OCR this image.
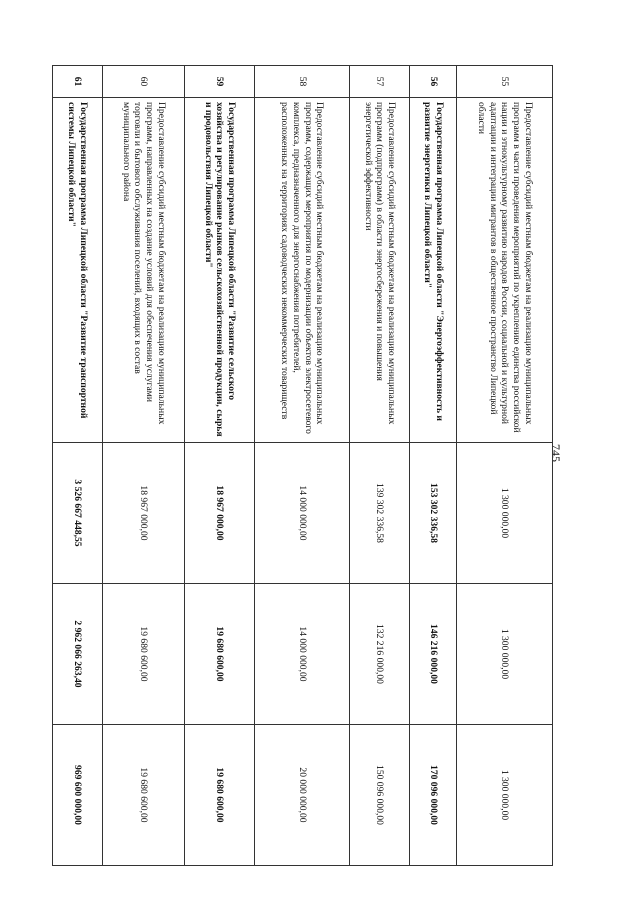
745
55	Предоставление субсидий местным бюджетам на реализацию муниципальных программ в части проведения мероприятий по укреплению единства российской нации и этнокультурному развитию народов России, социальной и культурной адаптации и интеграции мигрантов в общественное пространство Липецкой области	1 300 000,00	1 300 000,00	1 300 000,00
56	Государственная программа Липецкой области "Энергоэффективность и развитие энергетики в Липецкой области"	153 302 336,58	146 216 000,00	170 096 000,00
57	Предоставление субсидий местным бюджетам на реализацию муниципальных программ (подпрограмм) в области энергосбережения и повышения энергетической эффективности	139 302 336,58	132 216 000,00	150 096 000,00
58	Предоставление субсидий местным бюджетам на реализацию муниципальных программ, содержащих мероприятия по модернизации объектов электросетевого комплекса, предназначенного для энергоснабжения потребителей, расположенных на территориях садоводческих некоммерческих товариществ	14 000 000,00	14 000 000,00	20 000 000,00
59	Государственная программа Липецкой области "Развитие сельского хозяйства и регулирование рынков сельскохозяйственной продукции, сырья и продовольствия Липецкой области"	18 967 000,00	19 680 600,00	19 680 600,00
60	Предоставление субсидий местным бюджетам на реализацию муниципальных программ, направленных на создание условий для обеспечения услугами торговли и бытового обслуживания поселений, входящих в состав муниципального района	18 967 000,00	19 680 600,00	19 680 600,00
61	Государственная программа Липецкой области "Развитие транспортной системы Липецкой области"	3 526 667 448,55	2 962 066 263,40	969 600 000,00
